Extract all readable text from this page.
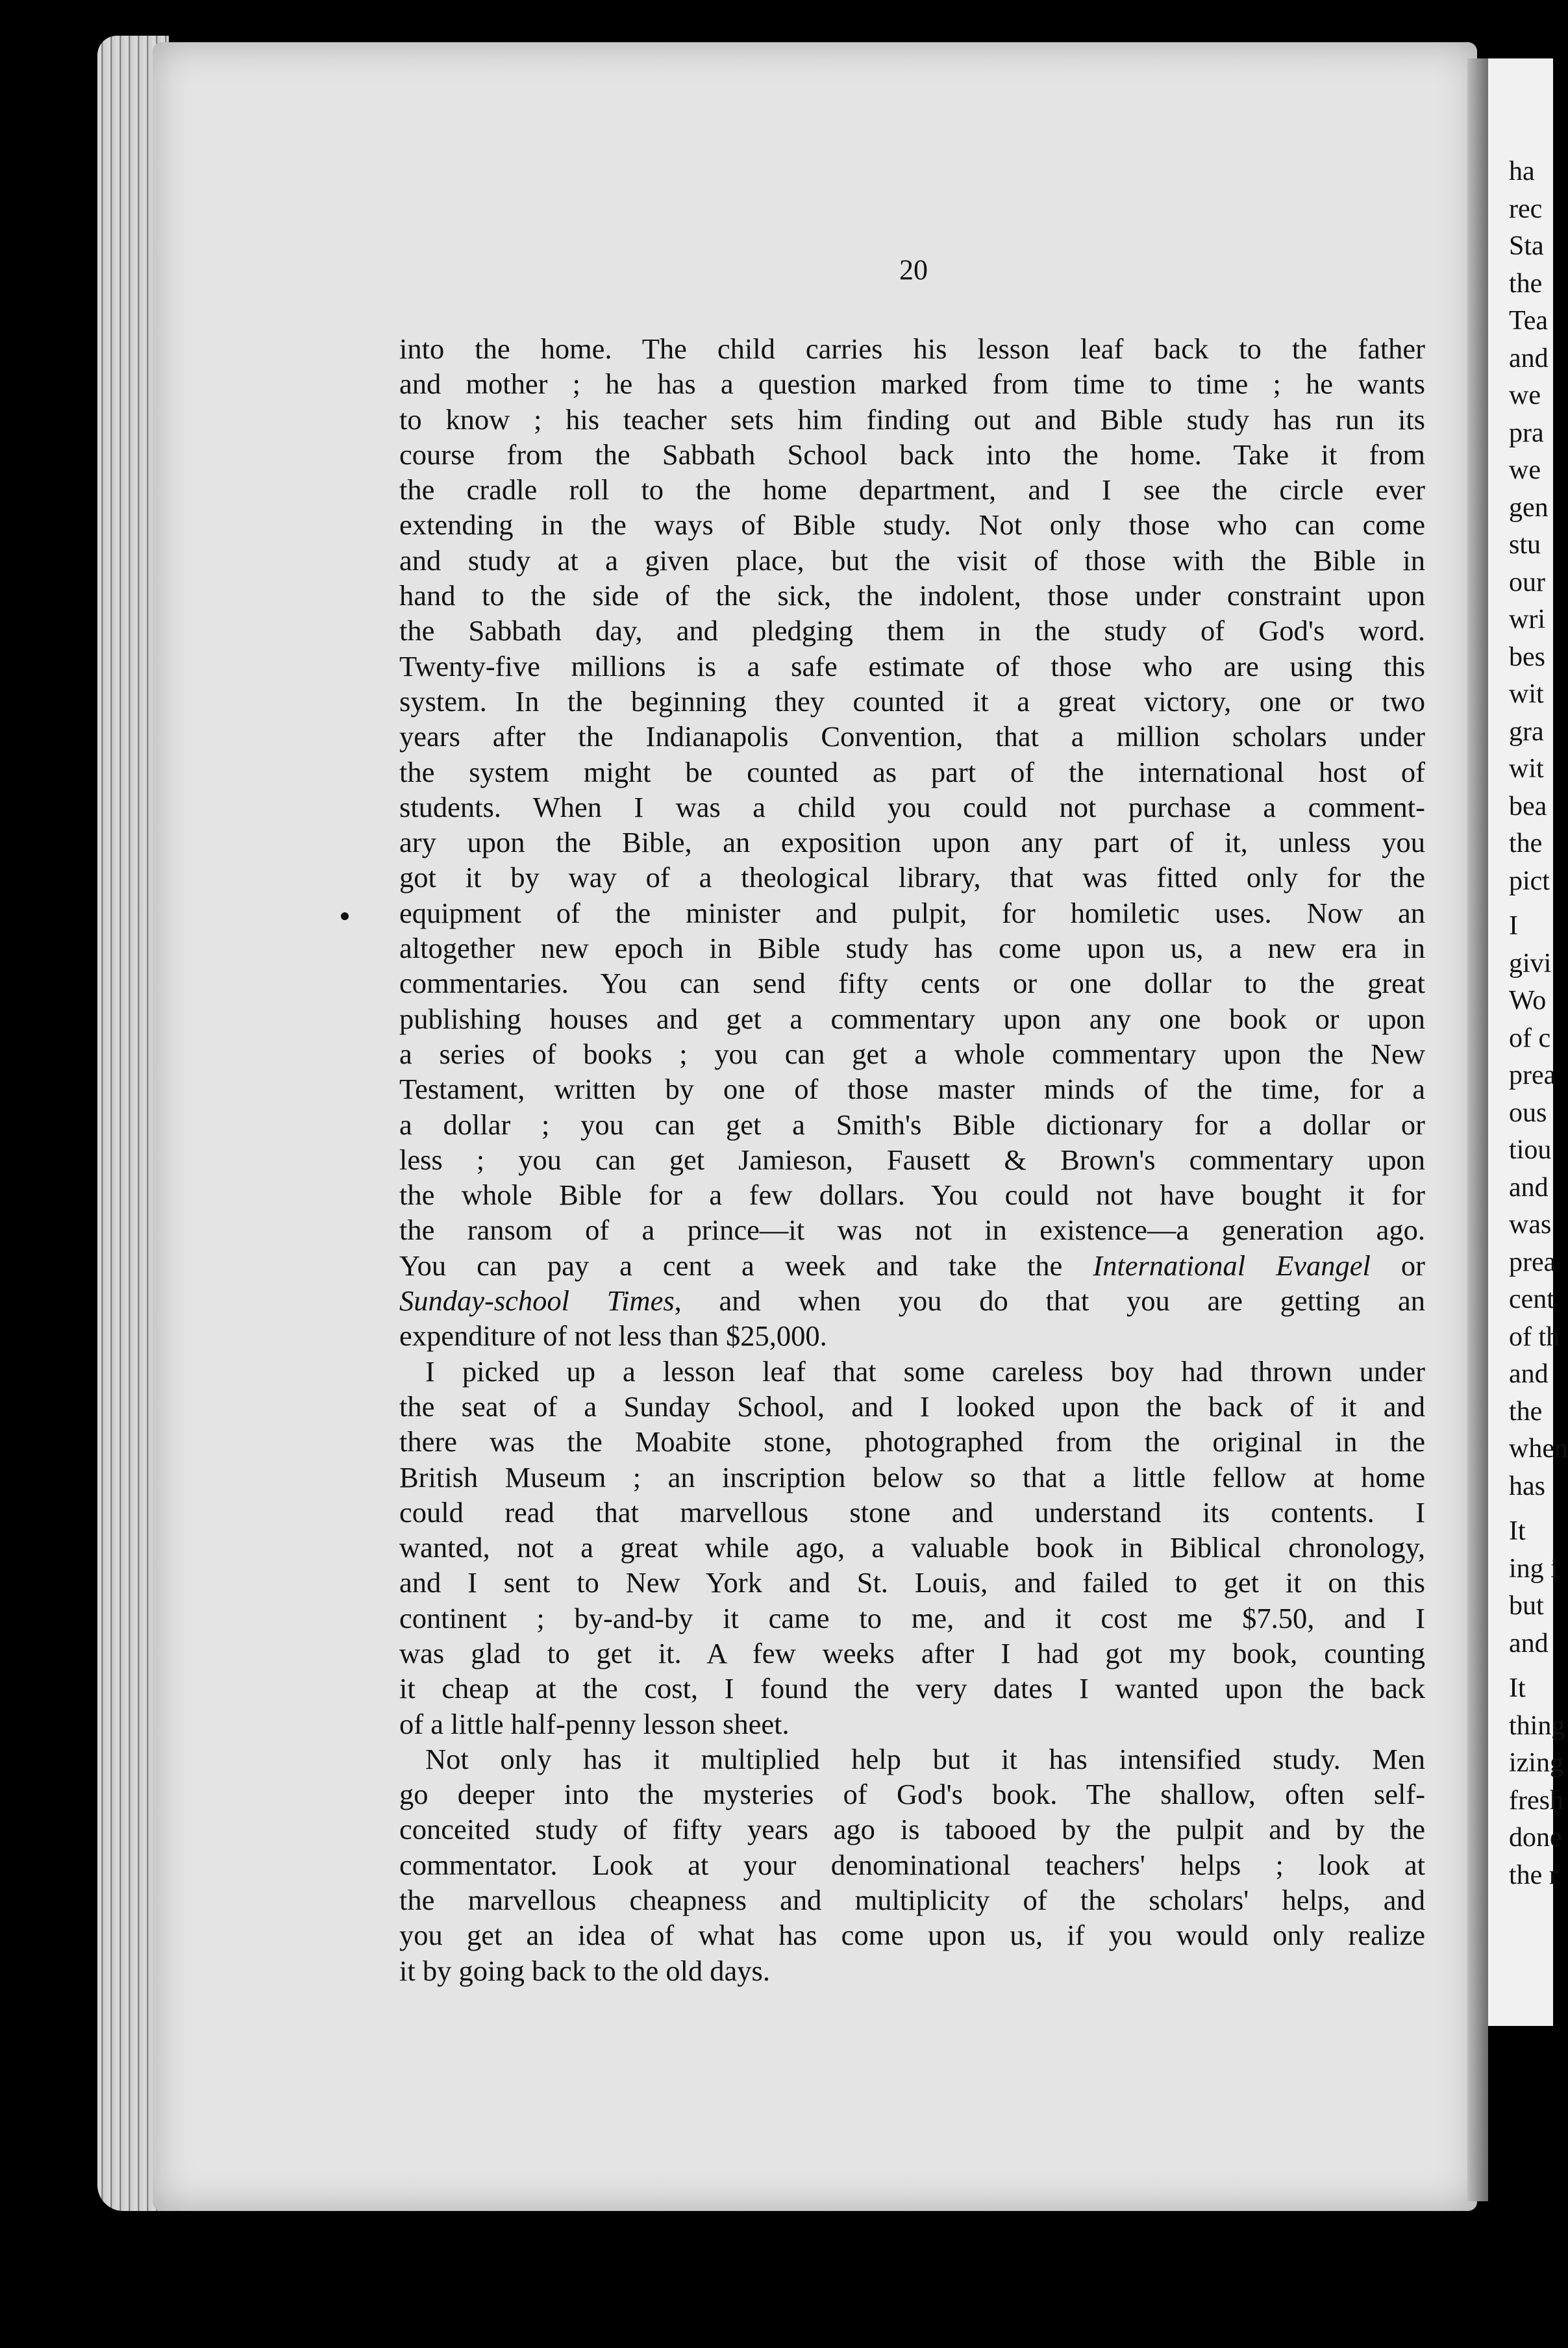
ha
rec
Sta
the
Tea
and
we
pra
we
gen
stu
our
wri
bes
wit
gra
wit
bea
the
pict
I
givi
Wo
of c
prea
ous
tiou
and
was
prea
cent
of th
and
the
when
has
It
ing i
but
and
It
thing
izing
fresh
done
the r
20
into the home. The child carries his lesson leaf back to the father
and mother ; he has a question marked from time to time ; he wants
to know ; his teacher sets him finding out and Bible study has run its
course from the Sabbath School back into the home. Take it from
the cradle roll to the home department, and I see the circle ever
extending in the ways of Bible study. Not only those who can come
and study at a given place, but the visit of those with the Bible in
hand to the side of the sick, the indolent, those under constraint upon
the Sabbath day, and pledging them in the study of God's word.
Twenty-five millions is a safe estimate of those who are using this
system. In the beginning they counted it a great victory, one or two
years after the Indianapolis Convention, that a million scholars under
the system might be counted as part of the international host of
students. When I was a child you could not purchase a comment-
ary upon the Bible, an exposition upon any part of it, unless you
got it by way of a theological library, that was fitted only for the
equipment of the minister and pulpit, for homiletic uses. Now an
altogether new epoch in Bible study has come upon us, a new era in
commentaries. You can send fifty cents or one dollar to the great
publishing houses and get a commentary upon any one book or upon
a series of books ; you can get a whole commentary upon the New
Testament, written by one of those master minds of the time, for a
a dollar ; you can get a Smith's Bible dictionary for a dollar or
less ; you can get Jamieson, Fausett & Brown's commentary upon
the whole Bible for a few dollars. You could not have bought it for
the ransom of a prince—it was not in existence—a generation ago.
You can pay a cent a week and take the International Evangel or
Sunday-school Times, and when you do that you are getting an
expenditure of not less than $25,000.
I picked up a lesson leaf that some careless boy had thrown under
the seat of a Sunday School, and I looked upon the back of it and
there was the Moabite stone, photographed from the original in the
British Museum ; an inscription below so that a little fellow at home
could read that marvellous stone and understand its contents. I
wanted, not a great while ago, a valuable book in Biblical chronology,
and I sent to New York and St. Louis, and failed to get it on this
continent ; by-and-by it came to me, and it cost me $7.50, and I
was glad to get it. A few weeks after I had got my book, counting
it cheap at the cost, I found the very dates I wanted upon the back
of a little half-penny lesson sheet.
Not only has it multiplied help but it has intensified study. Men
go deeper into the mysteries of God's book. The shallow, often self-
conceited study of fifty years ago is tabooed by the pulpit and by the
commentator. Look at your denominational teachers' helps ; look at
the marvellous cheapness and multiplicity of the scholars' helps, and
you get an idea of what has come upon us, if you would only realize
it by going back to the old days.
